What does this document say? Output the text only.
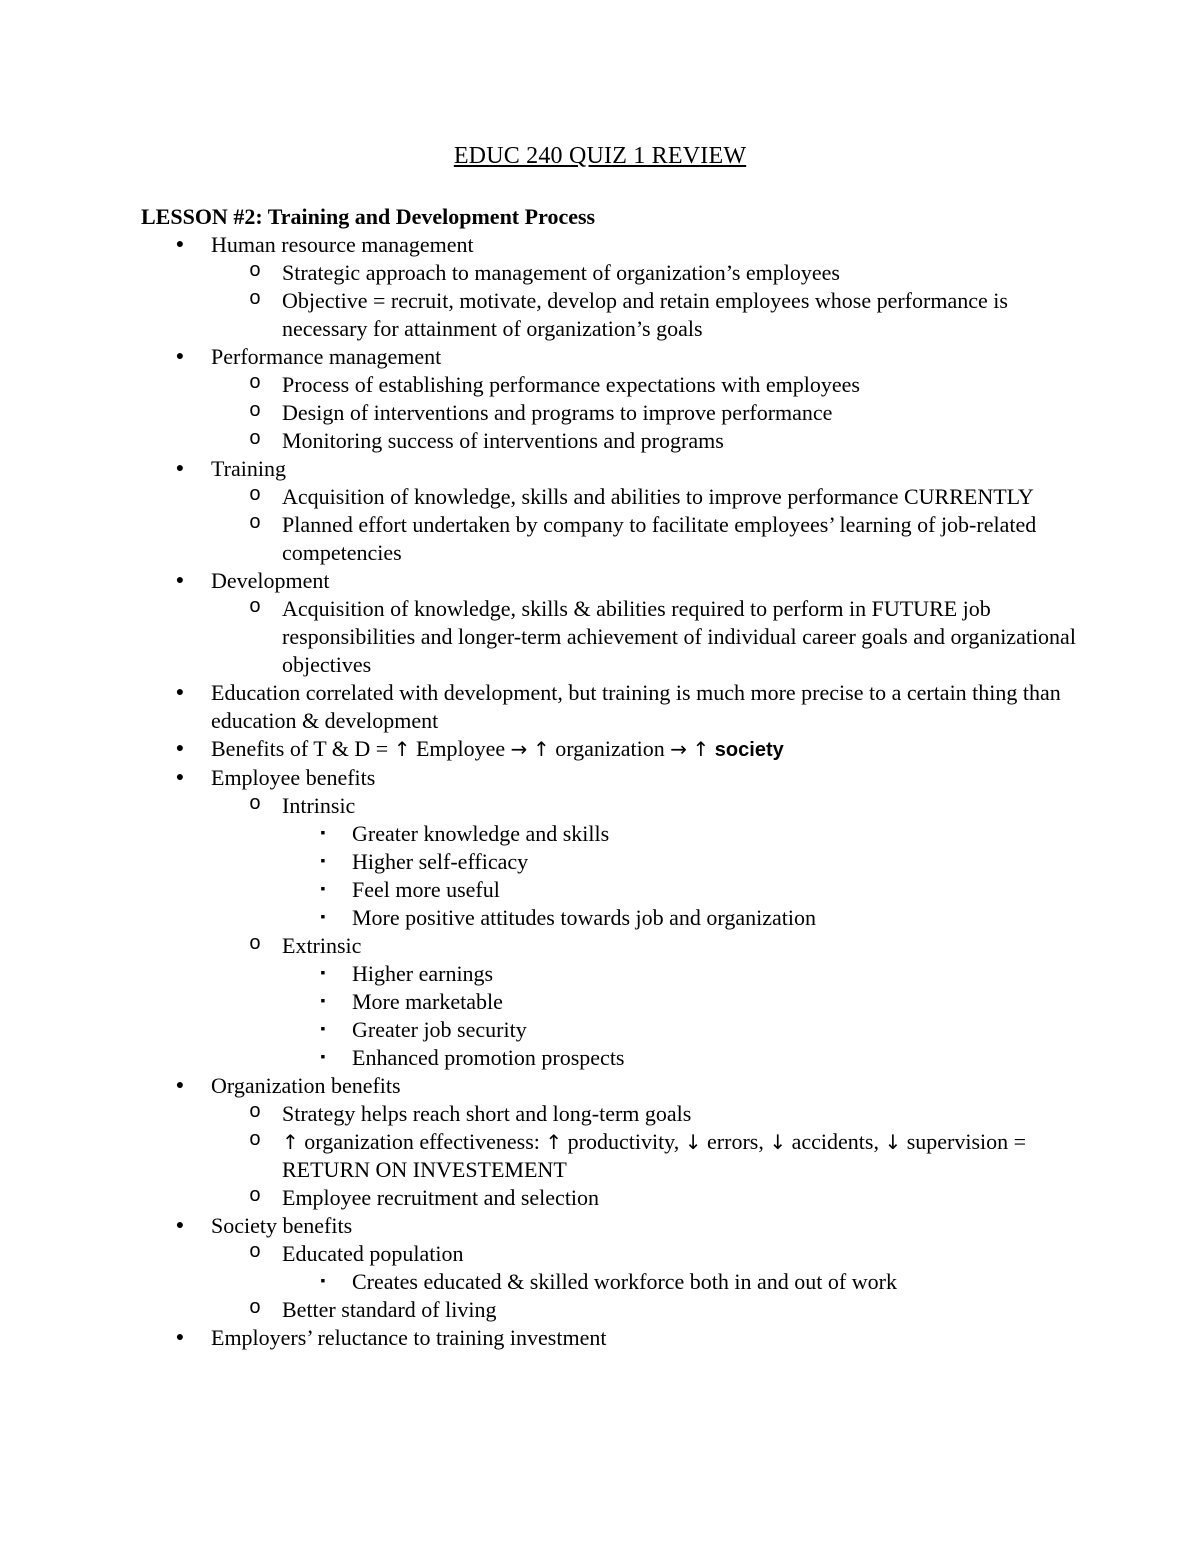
EDUC 240 QUIZ 1 REVIEW
LESSON #2: Training and Development Process
● Human resource management
o Strategic approach to management of organization’s employees
o Objective = recruit, motivate, develop and retain employees whose performance is necessary for attainment of organization’s goals
● Performance management
o Process of establishing performance expectations with employees
o Design of interventions and programs to improve performance
o Monitoring success of interventions and programs
● Training
o Acquisition of knowledge, skills and abilities to improve performance CURRENTLY
o Planned effort undertaken by company to facilitate employees’ learning of job-related competencies
● Development
o Acquisition of knowledge, skills & abilities required to perform in FUTURE job responsibilities and longer-term achievement of individual career goals and organizational objectives
● Education correlated with development, but training is much more precise to a certain thing than education & development
● Benefits of T & D = ↑ Employee → ↑ organization → ↑ society
● Employee benefits
o Intrinsic
▪	Greater knowledge and skills
▪	Higher self-efficacy
▪	Feel more useful
▪	More positive attitudes towards job and organization
o Extrinsic
▪	Higher earnings
▪	More marketable
▪	Greater job security
▪	Enhanced promotion prospects
● Organization benefits
o Strategy helps reach short and long-term goals
o ↑ organization effectiveness: ↑ productivity, ↓ errors, ↓ accidents, ↓ supervision = RETURN ON INVESTEMENT
o Employee recruitment and selection
● Society benefits
o Educated population
▪	Creates educated & skilled workforce both in and out of work
o Better standard of living
● Employers’ reluctance to training investment
